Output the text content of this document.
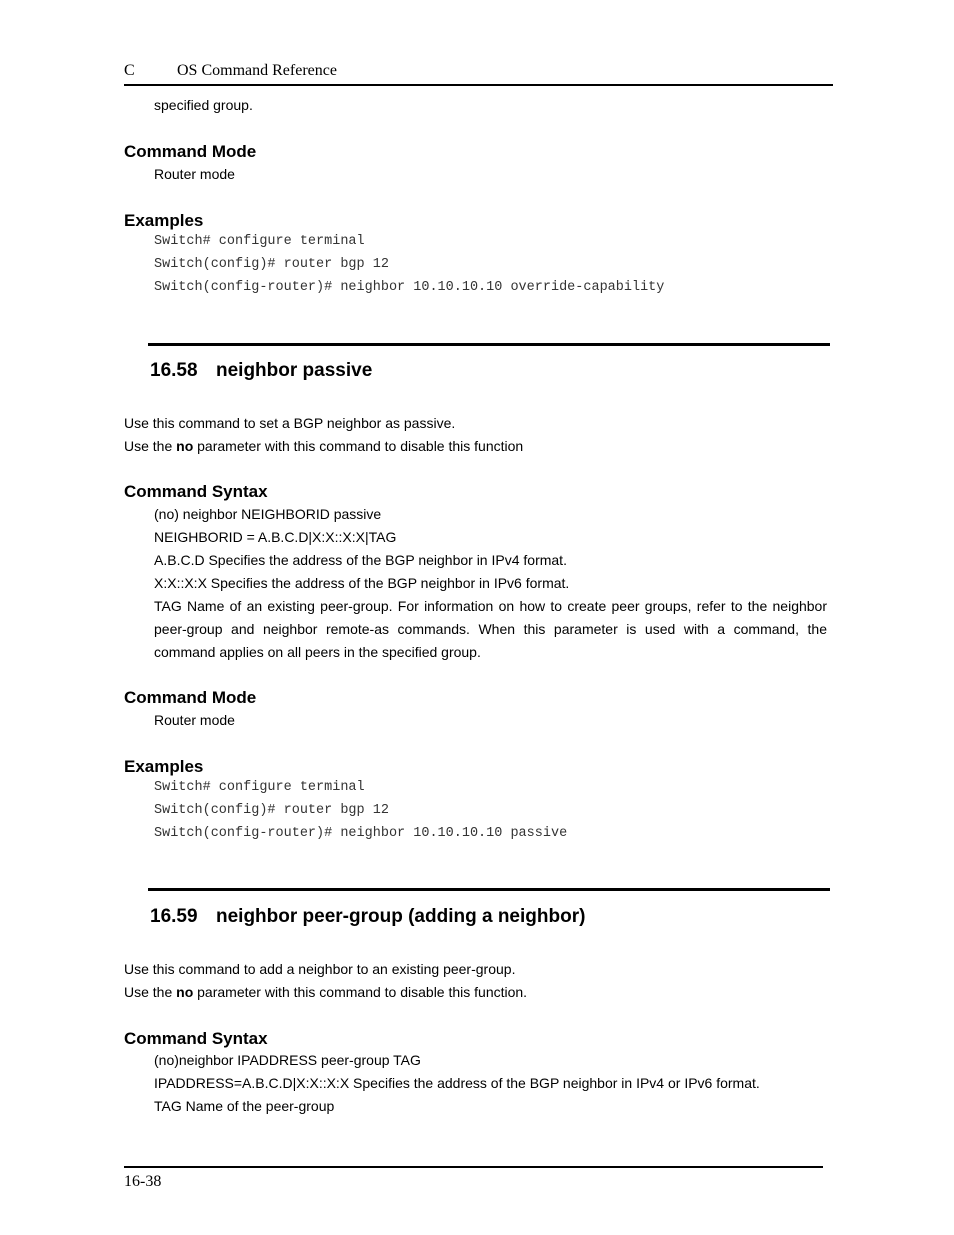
C	OS Command Reference
specified group.
Command Mode
Router mode
Examples
Switch# configure terminal
Switch(config)# router bgp 12
Switch(config-router)# neighbor 10.10.10.10 override-capability
16.58 neighbor passive
Use this command to set a BGP neighbor as passive.
Use the no parameter with this command to disable this function
Command Syntax
(no) neighbor NEIGHBORID passive
NEIGHBORID = A.B.C.D|X:X::X:X|TAG
A.B.C.D Specifies the address of the BGP neighbor in IPv4 format.
X:X::X:X Specifies the address of the BGP neighbor in IPv6 format.
TAG Name of an existing peer-group. For information on how to create peer groups, refer to the neighbor peer-group and neighbor remote-as commands. When this parameter is used with a command, the command applies on all peers in the specified group.
Command Mode
Router mode
Examples
Switch# configure terminal
Switch(config)# router bgp 12
Switch(config-router)# neighbor 10.10.10.10 passive
16.59 neighbor peer-group (adding a neighbor)
Use this command to add a neighbor to an existing peer-group.
Use the no parameter with this command to disable this function.
Command Syntax
(no)neighbor IPADDRESS peer-group TAG
IPADDRESS=A.B.C.D|X:X::X:X Specifies the address of the BGP neighbor in IPv4 or IPv6 format.
TAG Name of the peer-group
16-38
